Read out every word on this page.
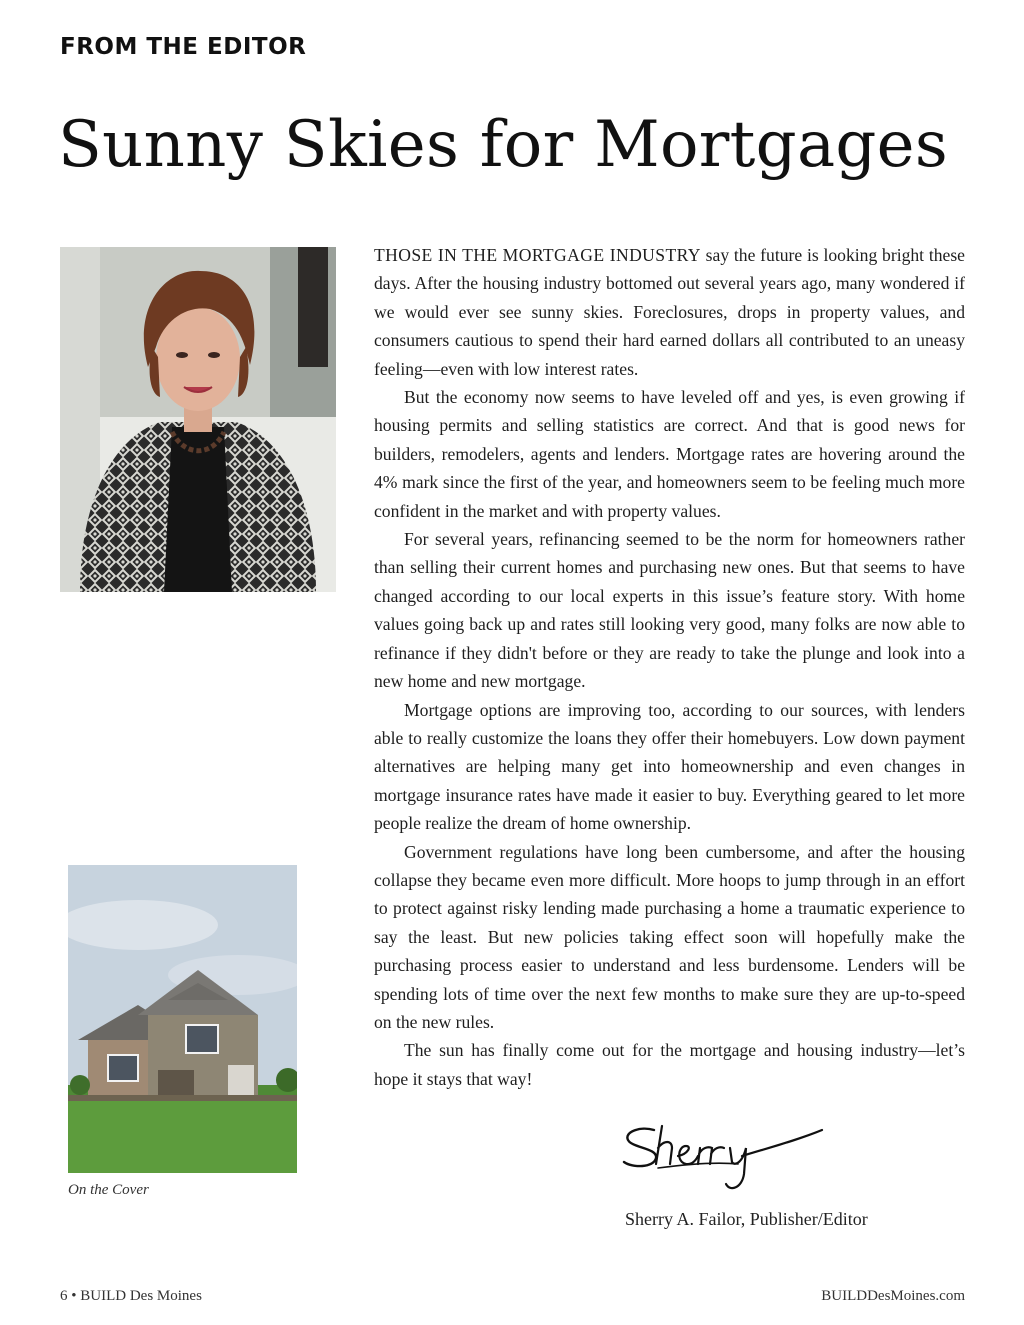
FROM THE EDITOR
Sunny Skies for Mortgages

THOSE IN THE MORTGAGE INDUSTRY say the future is looking bright these days. After the housing industry bottomed out several years ago, many wondered if we would ever see sunny skies. Foreclosures, drops in property values, and consumers cautious to spend their hard earned dollars all contributed to an uneasy feeling—even with low interest rates.

But the economy now seems to have leveled off and yes, is even growing if housing permits and selling statistics are correct. And that is good news for builders, remodelers, agents and lenders. Mortgage rates are hovering around the 4% mark since the first of the year, and homeowners seem to be feeling much more confident in the market and with property values.

For several years, refinancing seemed to be the norm for homeowners rather than selling their current homes and purchasing new ones. But that seems to have changed according to our local experts in this issue’s feature story. With home values going back up and rates still looking very good, many folks are now able to refinance if they didn't before or they are ready to take the plunge and look into a new home and new mortgage.

Mortgage options are improving too, according to our sources, with lenders able to really customize the loans they offer their homebuyers. Low down payment alternatives are helping many get into homeownership and even changes in mortgage insurance rates have made it easier to buy. Everything geared to let more people realize the dream of home ownership.

Government regulations have long been cumbersome, and after the housing collapse they became even more difficult. More hoops to jump through in an effort to protect against risky lending made purchasing a home a traumatic experience to say the least. But new policies taking effect soon will hopefully make the purchasing process easier to understand and less burdensome. Lenders will be spending lots of time over the next few months to make sure they are up-to-speed on the new rules.

The sun has finally come out for the mortgage and housing industry—let’s hope it stays that way!

On the Cover

Sherry A. Failor, Publisher/Editor

6 • BUILD Des Moines	BUILDDesMoines.com
